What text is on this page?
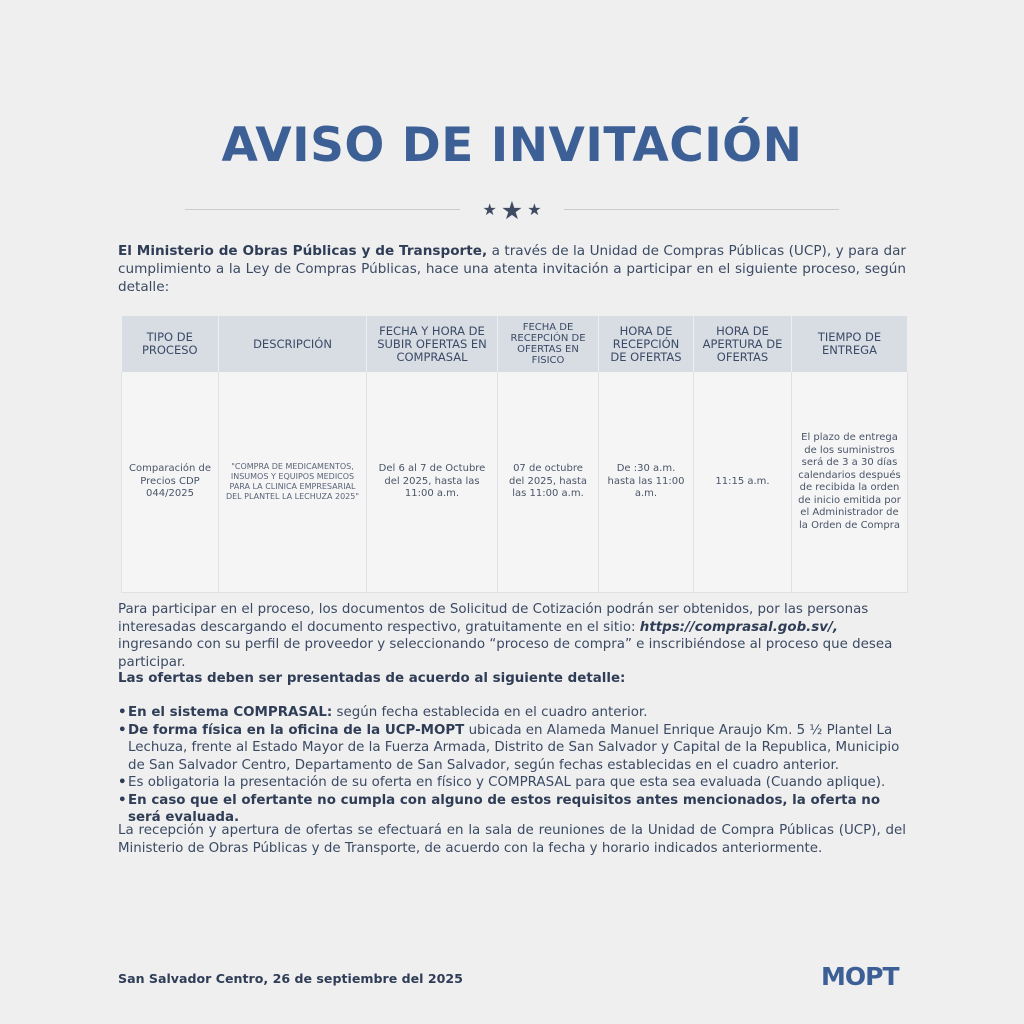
AVISO DE INVITACIÓN
★ ★ ★

El Ministerio de Obras Públicas y de Transporte, a través de la Unidad de Compras Públicas (UCP), y para dar cumplimiento a la Ley de Compras Públicas, hace una atenta invitación a participar en el siguiente proceso, según detalle:

TIPO DE PROCESO	DESCRIPCIÓN	FECHA Y HORA DE SUBIR OFERTAS EN COMPRASAL	FECHA DE RECEPCIÓN DE OFERTAS EN FISICO	HORA DE RECEPCIÓN DE OFERTAS	HORA DE APERTURA DE OFERTAS	TIEMPO DE ENTREGA
Comparación de Precios CDP 044/2025	"COMPRA DE MEDICAMENTOS, INSUMOS Y EQUIPOS MEDICOS PARA LA CLINICA EMPRESARIAL DEL PLANTEL LA LECHUZA 2025"	Del 6 al 7 de Octubre del 2025, hasta las 11:00 a.m.	07 de octubre del 2025, hasta las 11:00 a.m.	De :30 a.m. hasta las 11:00 a.m.	11:15 a.m.	El plazo de entrega de los suministros será de 3 a 30 días calendarios después de recibida la orden de inicio emitida por el Administrador de la Orden de Compra

Para participar en el proceso, los documentos de Solicitud de Cotización podrán ser obtenidos, por las personas interesadas descargando el documento respectivo, gratuitamente en el sitio: https://comprasal.gob.sv/, ingresando con su perfil de proveedor y seleccionando “proceso de compra” e inscribiéndose al proceso que desea participar.

Las ofertas deben ser presentadas de acuerdo al siguiente detalle:

• En el sistema COMPRASAL: según fecha establecida en el cuadro anterior.
• De forma física en la oficina de la UCP-MOPT ubicada en Alameda Manuel Enrique Araujo Km. 5 ½ Plantel La Lechuza, frente al Estado Mayor de la Fuerza Armada, Distrito de San Salvador y Capital de la Republica, Municipio de San Salvador Centro, Departamento de San Salvador, según fechas establecidas en el cuadro anterior.
• Es obligatoria la presentación de su oferta en físico y COMPRASAL para que esta sea evaluada (Cuando aplique).
• En caso que el ofertante no cumpla con alguno de estos requisitos antes mencionados, la oferta no será evaluada.

La recepción y apertura de ofertas se efectuará en la sala de reuniones de la Unidad de Compra Públicas (UCP), del Ministerio de Obras Públicas y de Transporte, de acuerdo con la fecha y horario indicados anteriormente.

San Salvador Centro, 26 de septiembre del 2025	MOPT
